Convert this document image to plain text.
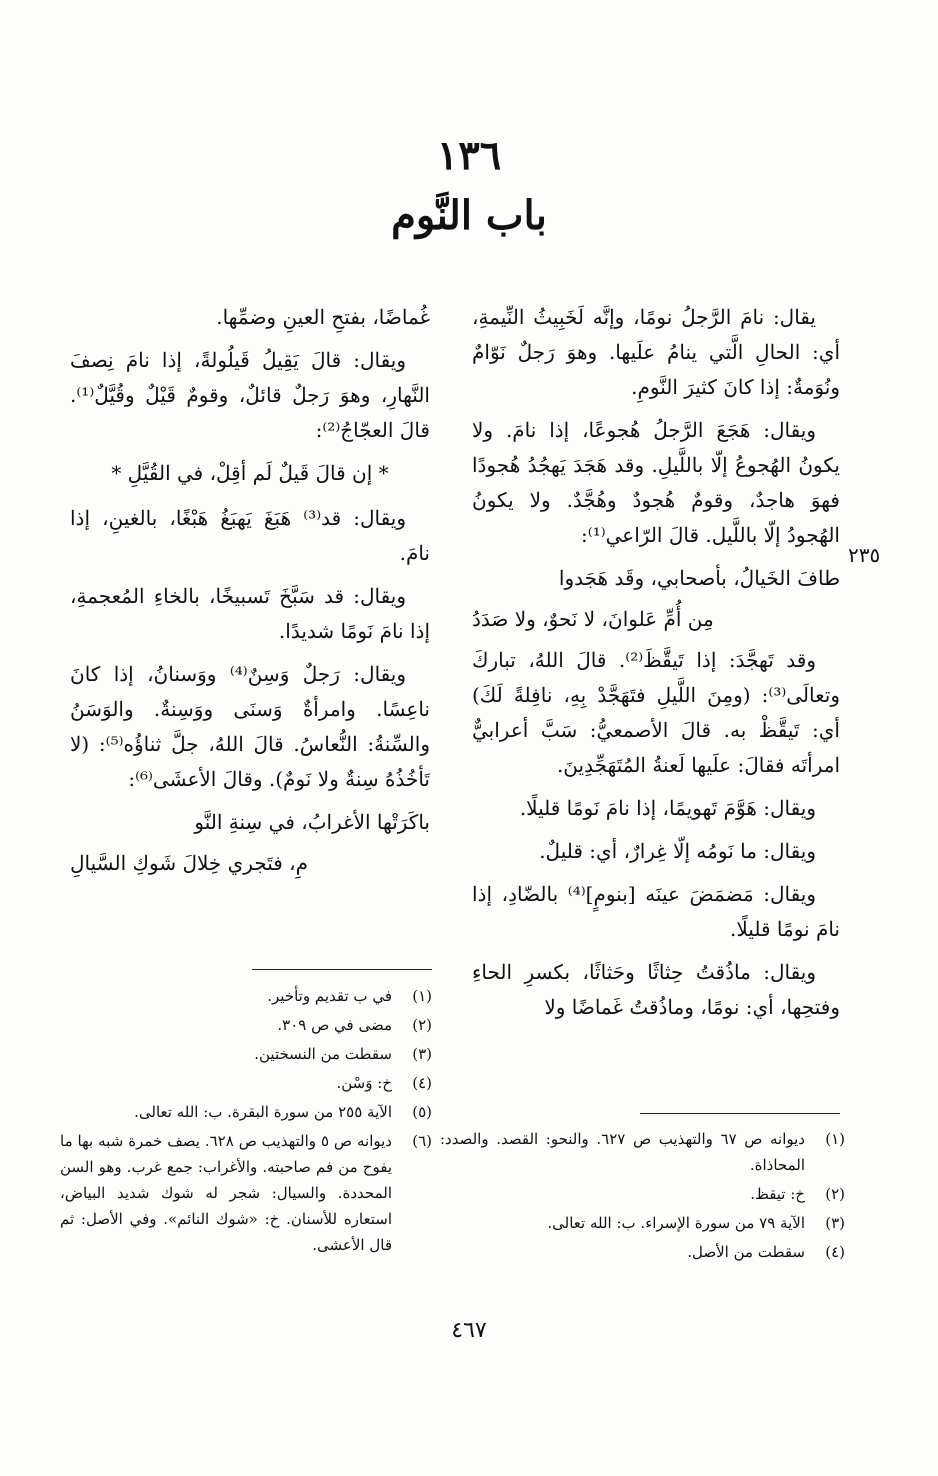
١٣٦
باب النَّوم

يقال: نامَ الرَّجلُ نومًا، وإنَّه لَخَبِيثُ النِّيمةِ، أي: الحالِ الَّتي ينامُ علَيها. وهوَ رَجلٌ نَوّامٌ ونُوَمةٌ: إذا كانَ كثيرَ النَّومِ.

ويقال: هَجَعَ الرَّجلُ هُجوعًا، إذا نامَ. ولا يكونُ الهُجوعُ إلّا باللَّيلِ. وقد هَجَدَ يَهجُدُ هُجودًا فهوَ هاجدٌ، وقومٌ هُجودٌ وهُجَّدٌ. ولا يكونُ الهُجودُ إلّا باللَّيل. قالَ الرّاعي⁽¹⁾:

طافَ الخَيالُ، بأصحابي، وقَد هَجَدوا
مِن أُمِّ عَلوانَ، لا نَحوٌ، ولا صَدَدُ

وقد تَهجَّدَ: إذا تَيقَّظَ⁽²⁾. قالَ اللهُ، تباركَ وتعالَى⁽³⁾: (ومِنَ اللَّيلِ فتَهَجَّدْ بِهِ، نافِلةً لَكَ) أي: تَيقَّظْ به. قالَ الأصمعيُّ: سَبَّ أعرابيٌّ امرأتَه فقالَ: علَيها لَعنةُ المُتَهَجِّدِينَ.

ويقال: هَوَّمَ تَهويمًا، إذا نامَ نَومًا قليلًا.

ويقال: ما نَومُه إلّا غِرارٌ، أي: قليلٌ.

ويقال: مَضمَضَ عينَه [بنومٍ]⁽⁴⁾ بالضّادِ، إذا نامَ نومًا قليلًا.

ويقال: ماذُقتُ حِثاثًا وحَثاثًا، بكسرِ الحاءِ وفتحِها، أي: نومًا، وماذُقتُ غَماضًا ولا

٢٣٥

غُماضًا، بفتحِ العينِ وضمِّها.

ويقال: قالَ يَقِيلُ قَيلُولةً، إذا نامَ نِصفَ النَّهارِ، وهوَ رَجلٌ قائلٌ، وقومٌ قَيْلٌ وقُيَّلٌ⁽¹⁾. قالَ العجّاجُ⁽²⁾:

* إن قالَ قَيلٌ لَم أقِلْ، في القُيَّلِ *

ويقال: قد⁽³⁾ هَبَغَ يَهبَغُ هَبْغًا، بالغينِ، إذا نامَ.

ويقال: قد سَبَّخَ تَسبيخًا، بالخاءِ المُعجمةِ، إذا نامَ نَومًا شديدًا.

ويقال: رَجلٌ وَسِنٌ⁽⁴⁾ ووَسنانُ، إذا كانَ ناعِسًا. وامرأةٌ وَسنَى ووَسِنةٌ. والوَسَنُ والسِّنةُ: النُّعاسُ. قالَ اللهُ، جلَّ ثناؤُه⁽⁵⁾: (لا تَأخُذُهُ سِنةٌ ولا نَومٌ). وقالَ الأعشَى⁽⁶⁾:

باكَرَتْها الأغرابُ، في سِنةِ النَّو
مِ، فتَجري خِلالَ شَوكِ السَّيالِ
(١)
ديوانه ص ٦٧ والتهذيب ص ٦٢٧. والنحو: القصد. والصدد: المحاذاة.
(٢)
خ: تيقظ.
(٣)
الآية ٧٩ من سورة الإسراء. ب: الله تعالى.
(٤)
سقطت من الأصل.
(١)
في ب تقديم وتأخير.
(٢)
مضى في ص ٣٠٩.
(٣)
سقطت من النسختين.
(٤)
خ: وَسْن.
(٥)
الآية ٢٥٥ من سورة البقرة. ب: الله تعالى.
(٦)
ديوانه ص ٥ والتهذيب ص ٦٢٨. يصف خمرة شبه بها ما يفوح من فم صاحبته. والأغراب: جمع غرب. وهو السن المحددة. والسيال: شجر له شوك شديد البياض، استعاره للأسنان. خ: «شوك النائم». وفي الأصل: ثم قال الأعشى.
٤٦٧
